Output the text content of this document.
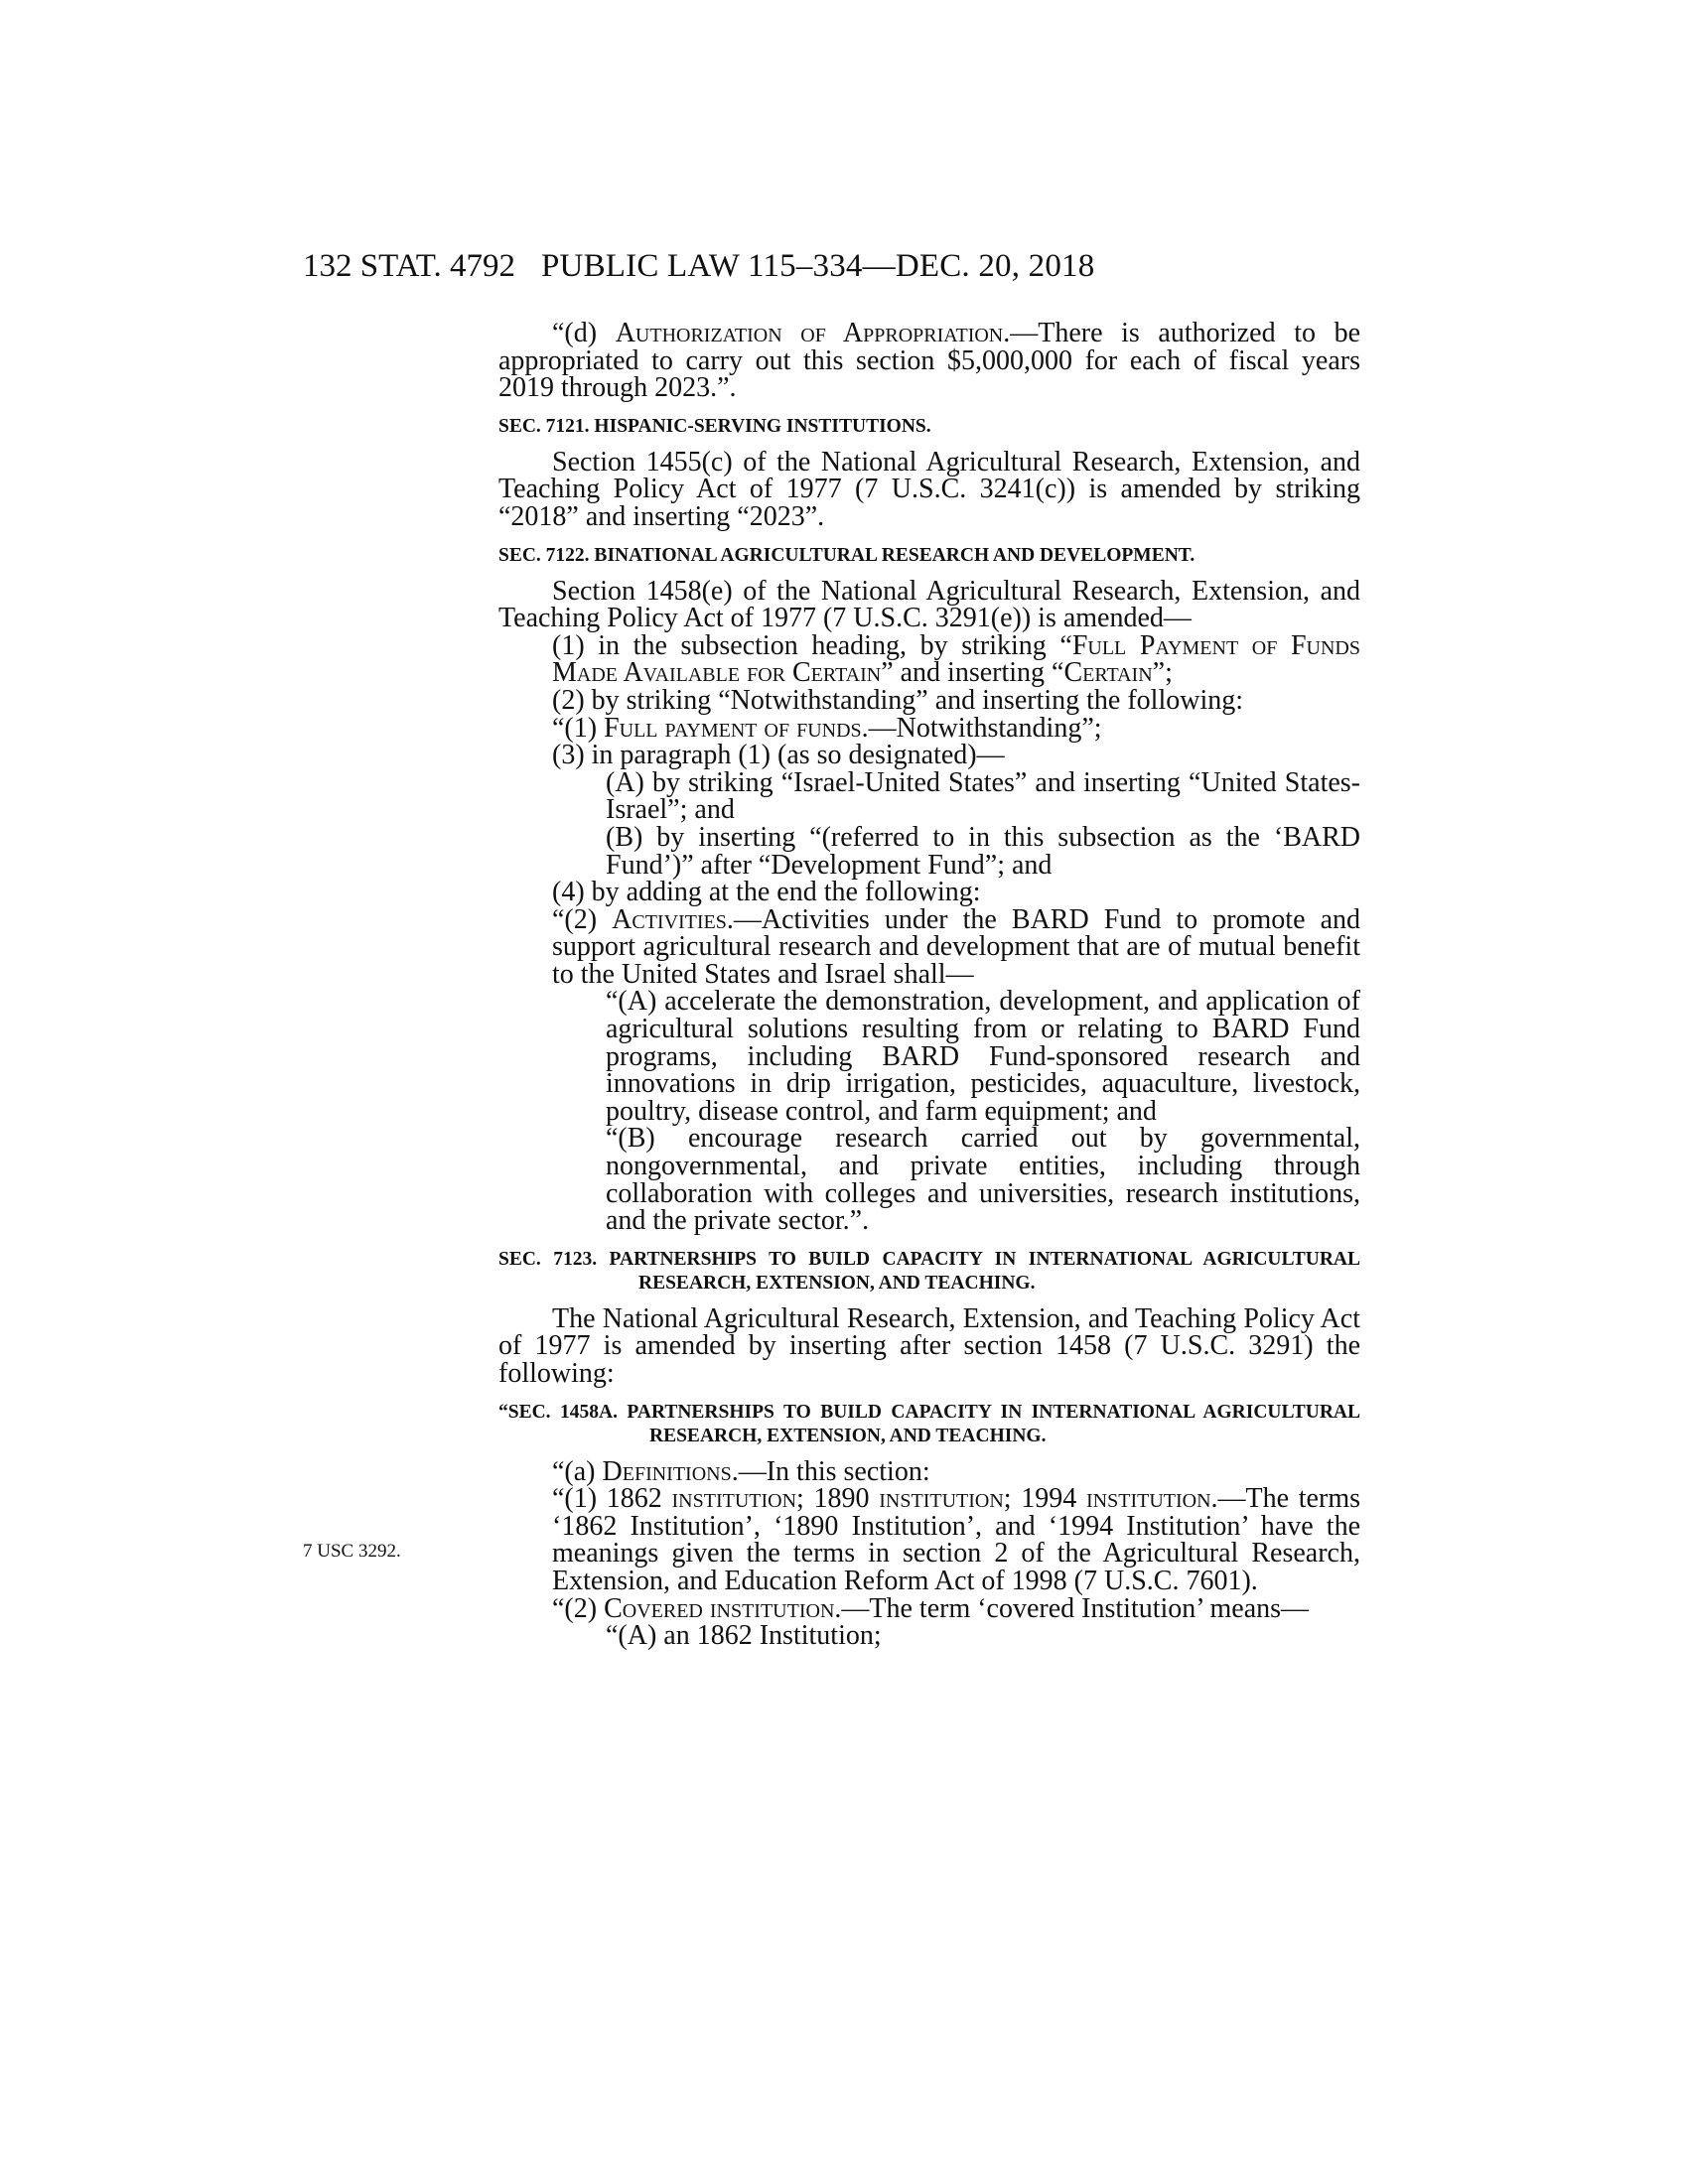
132 STAT. 4792 PUBLIC LAW 115–334—DEC. 20, 2018
7 USC 3292.

“(d) Authorization of Appropriation.—There is authorized to be appropriated to carry out this section $5,000,000 for each of fiscal years 2019 through 2023.”.

SEC. 7121. HISPANIC-SERVING INSTITUTIONS.

Section 1455(c) of the National Agricultural Research, Extension, and Teaching Policy Act of 1977 (7 U.S.C. 3241(c)) is amended by striking “2018” and inserting “2023”.

SEC. 7122. BINATIONAL AGRICULTURAL RESEARCH AND DEVELOPMENT.

Section 1458(e) of the National Agricultural Research, Extension, and Teaching Policy Act of 1977 (7 U.S.C. 3291(e)) is amended—

(1) in the subsection heading, by striking “Full Payment of Funds Made Available for Certain” and inserting “Certain”;

(2) by striking “Notwithstanding” and inserting the following:

“(1) Full payment of funds.—Notwithstanding”;

(3) in paragraph (1) (as so designated)—

(A) by striking “Israel-United States” and inserting “United States-Israel”; and

(B) by inserting “(referred to in this subsection as the ‘BARD Fund’)” after “Development Fund”; and

(4) by adding at the end the following:

“(2) Activities.—Activities under the BARD Fund to promote and support agricultural research and development that are of mutual benefit to the United States and Israel shall—

“(A) accelerate the demonstration, development, and application of agricultural solutions resulting from or relating to BARD Fund programs, including BARD Fund-sponsored research and innovations in drip irrigation, pesticides, aquaculture, livestock, poultry, disease control, and farm equipment; and

“(B) encourage research carried out by governmental, nongovernmental, and private entities, including through collaboration with colleges and universities, research institutions, and the private sector.”.

SEC. 7123. PARTNERSHIPS TO BUILD CAPACITY IN INTERNATIONAL AGRICULTURAL RESEARCH, EXTENSION, AND TEACHING.

The National Agricultural Research, Extension, and Teaching Policy Act of 1977 is amended by inserting after section 1458 (7 U.S.C. 3291) the following:

“SEC. 1458A. PARTNERSHIPS TO BUILD CAPACITY IN INTERNATIONAL AGRICULTURAL RESEARCH, EXTENSION, AND TEACHING.

“(a) Definitions.—In this section:

“(1) 1862 institution; 1890 institution; 1994 institution.—The terms ‘1862 Institution’, ‘1890 Institution’, and ‘1994 Institution’ have the meanings given the terms in section 2 of the Agricultural Research, Extension, and Education Reform Act of 1998 (7 U.S.C. 7601).

“(2) Covered institution.—The term ‘covered Institution’ means—

“(A) an 1862 Institution;
